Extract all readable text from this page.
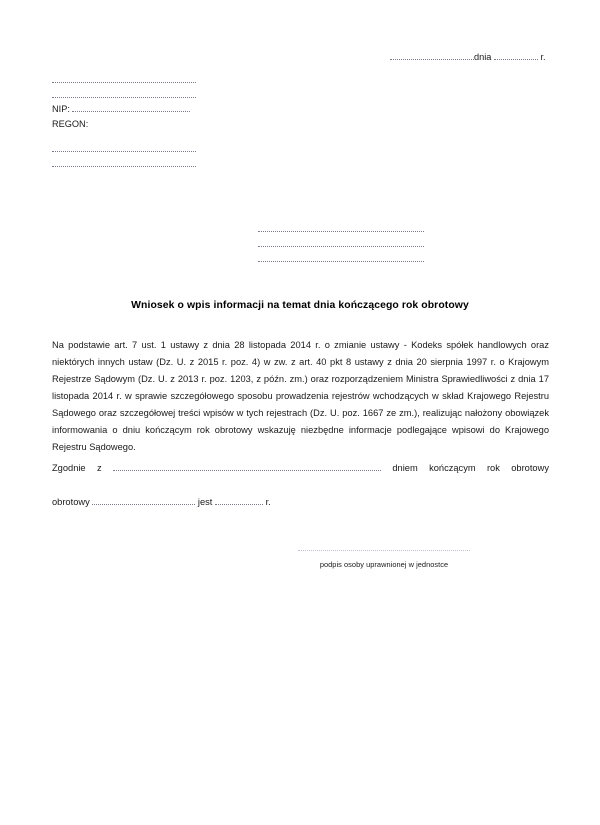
dnia	r.
NIP:
REGON:
Wniosek o wpis informacji na temat dnia kończącego rok obrotowy
Na podstawie art. 7 ust. 1 ustawy z dnia 28 listopada 2014 r. o zmianie ustawy - Kodeks spółek handlowych oraz niektórych innych ustaw (Dz. U. z 2015 r. poz. 4) w zw. z art. 40 pkt 8 ustawy z dnia 20 sierpnia 1997 r. o Krajowym Rejestrze Sądowym (Dz. U. z 2013 r. poz. 1203, z późn. zm.) oraz rozporządzeniem Ministra Sprawiedliwości z dnia 17 listopada 2014 r. w sprawie szczegółowego sposobu prowadzenia rejestrów wchodzących w skład Krajowego Rejestru Sądowego oraz szczegółowej treści wpisów w tych rejestrach (Dz. U. poz. 1667 ze zm.), realizując nałożony obowiązek informowania o dniu kończącym rok obrotowy wskazuję niezbędne informacje podlegające wpisowi do Krajowego Rejestru Sądowego.
Zgodnie z	dniem kończącym rok obrotowy obrotowy	jest	r.
podpis osoby uprawnionej w jednostce
